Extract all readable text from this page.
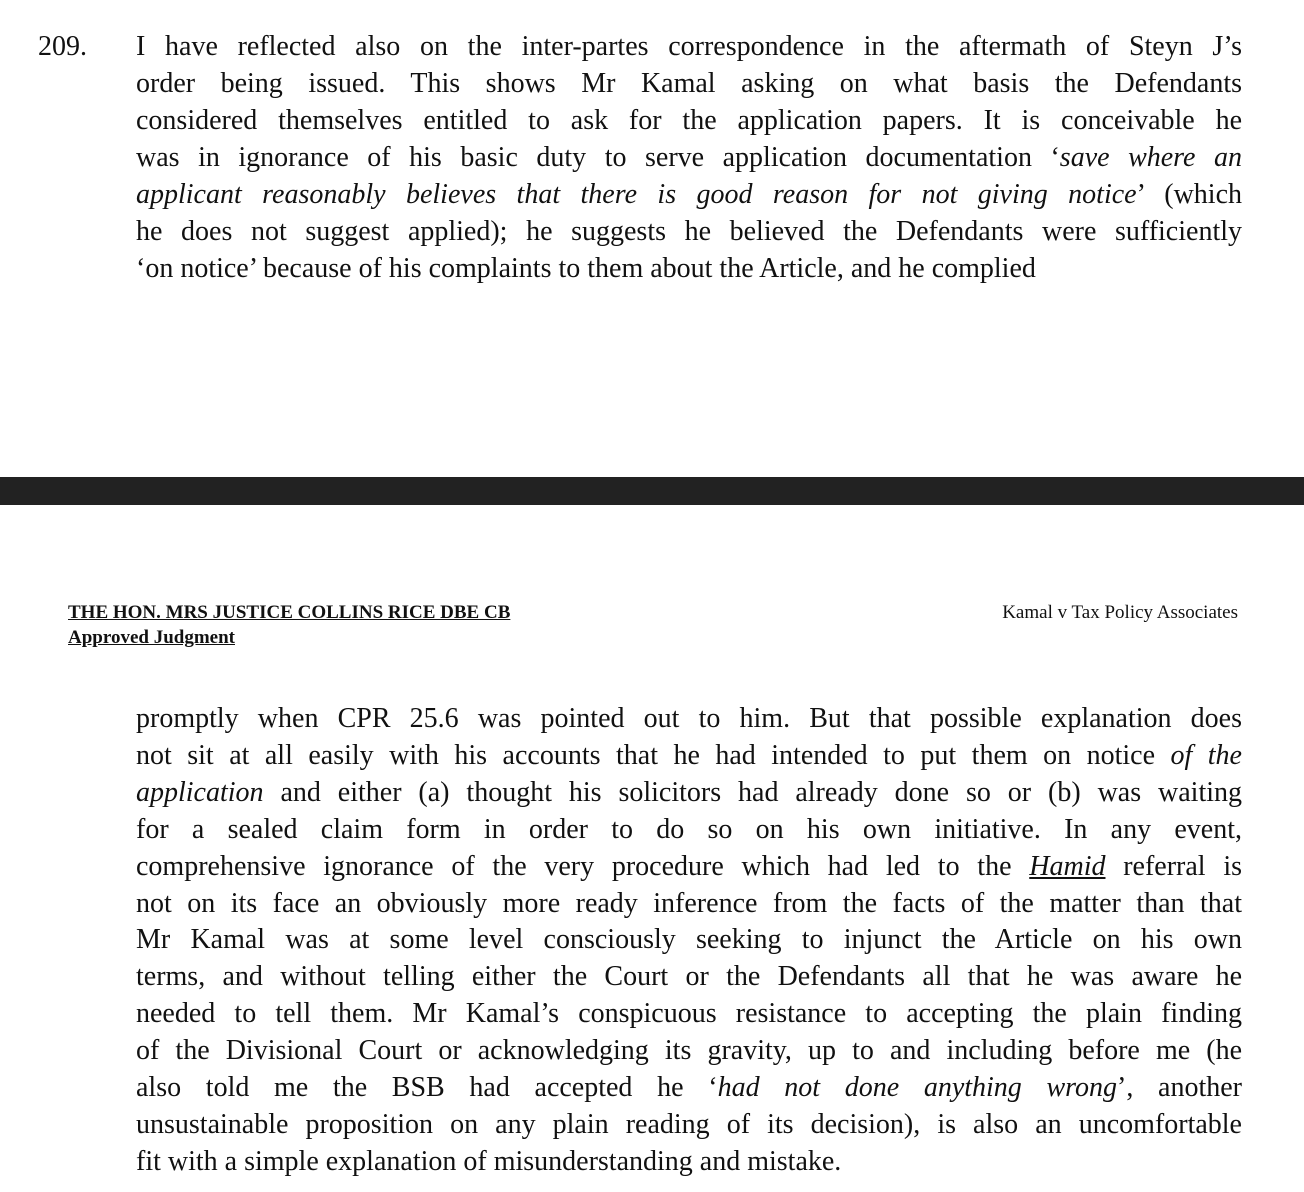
209. I have reflected also on the inter-partes correspondence in the aftermath of Steyn J’s
order being issued. This shows Mr Kamal asking on what basis the Defendants
considered themselves entitled to ask for the application papers. It is conceivable he
was in ignorance of his basic duty to serve application documentation ‘save where an
applicant reasonably believes that there is good reason for not giving notice’ (which
he does not suggest applied); he suggests he believed the Defendants were sufficiently
‘on notice’ because of his complaints to them about the Article, and he complied
THE HON. MRS JUSTICE COLLINS RICE DBE CB
Approved Judgment
Kamal v Tax Policy Associates
promptly when CPR 25.6 was pointed out to him. But that possible explanation does
not sit at all easily with his accounts that he had intended to put them on notice of the
application and either (a) thought his solicitors had already done so or (b) was waiting
for a sealed claim form in order to do so on his own initiative. In any event,
comprehensive ignorance of the very procedure which had led to the Hamid referral is
not on its face an obviously more ready inference from the facts of the matter than that
Mr Kamal was at some level consciously seeking to injunct the Article on his own
terms, and without telling either the Court or the Defendants all that he was aware he
needed to tell them. Mr Kamal’s conspicuous resistance to accepting the plain finding
of the Divisional Court or acknowledging its gravity, up to and including before me (he
also told me the BSB had accepted he ‘had not done anything wrong’, another
unsustainable proposition on any plain reading of its decision), is also an uncomfortable
fit with a simple explanation of misunderstanding and mistake.
